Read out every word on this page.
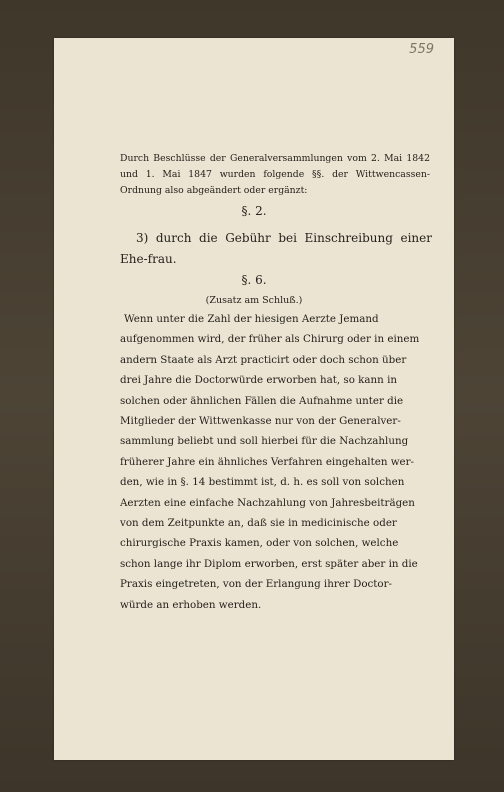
559
Durch Beschlüsse der Generalversammlungen vom 2. Mai 1842 und 1. Mai 1847 wurden folgende §§. der Wittwencassen-Ordnung also abgeändert oder ergänzt:
§. 2.
3) durch die Gebühr bei Einschreibung einer Ehe-frau.
§. 6.
(Zusatz am Schluß.)
Wenn unter die Zahl der hiesigen Aerzte Jemand
aufgenommen wird, der früher als Chirurg oder in einem
andern Staate als Arzt practicirt oder doch schon über
drei Jahre die Doctorwürde erworben hat, so kann in
solchen oder ähnlichen Fällen die Aufnahme unter die
Mitglieder der Wittwenkasse nur von der Generalver-
sammlung beliebt und soll hierbei für die Nachzahlung
früherer Jahre ein ähnliches Verfahren eingehalten wer-
den, wie in §. 14 bestimmt ist, d. h. es soll von solchen
Aerzten eine einfache Nachzahlung von Jahresbeiträgen
von dem Zeitpunkte an, daß sie in medicinische oder
chirurgische Praxis kamen, oder von solchen, welche
schon lange ihr Diplom erworben, erst später aber in die
Praxis eingetreten, von der Erlangung ihrer Doctor-
würde an erhoben werden.
